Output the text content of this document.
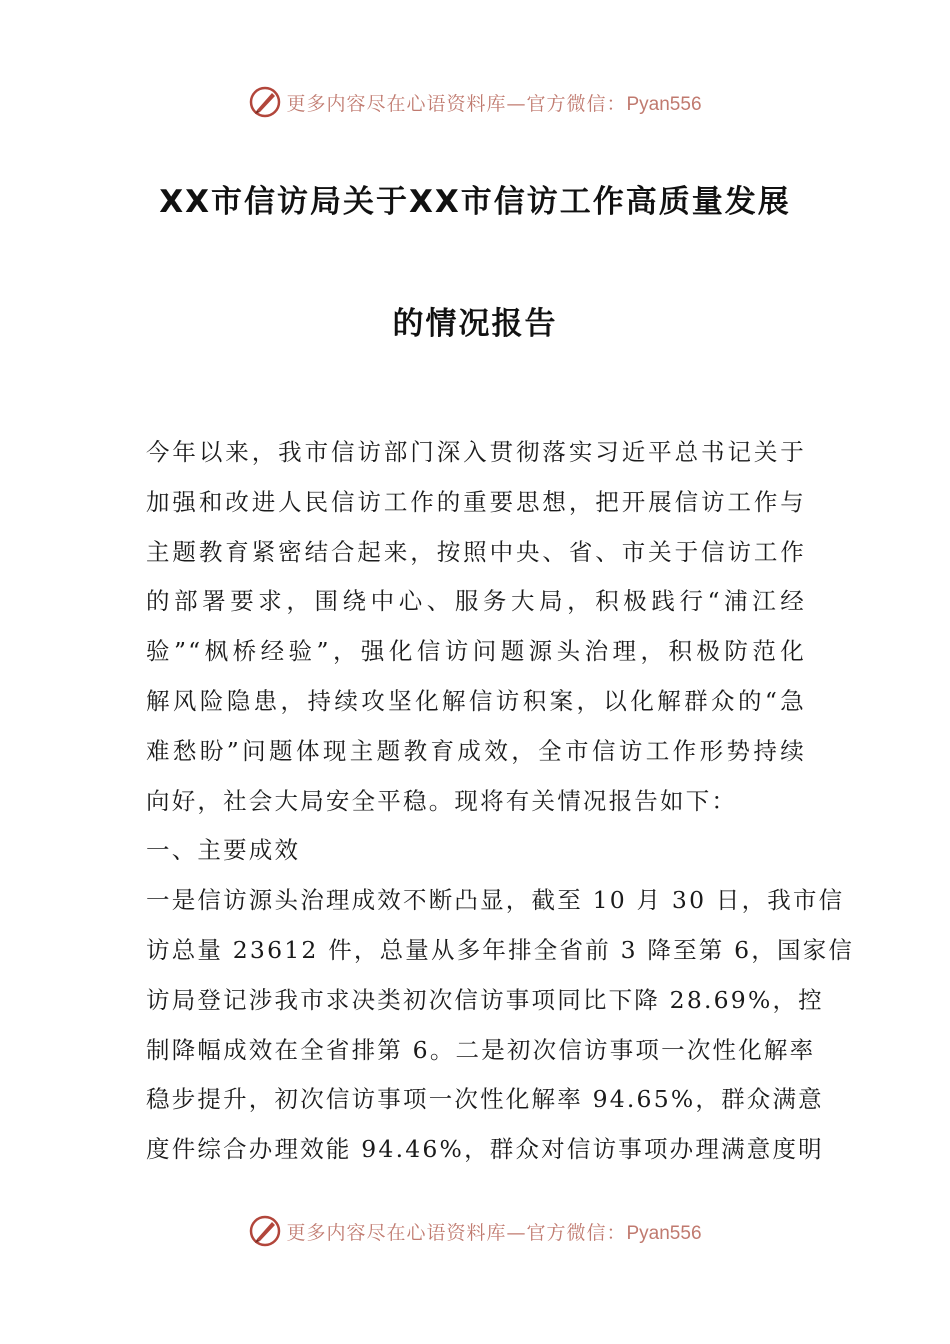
更多内容尽在心语资料库—官方微信：Pyan556
XX市信访局关于XX市信访工作高质量发展
的情况报告
今年以来，我市信访部门深入贯彻落实习近平总书记关于
加强和改进人民信访工作的重要思想，把开展信访工作与
主题教育紧密结合起来，按照中央、省、市关于信访工作
的部署要求，围绕中心、服务大局，积极践行“浦江经
验”“枫桥经验”，强化信访问题源头治理，积极防范化
解风险隐患，持续攻坚化解信访积案，以化解群众的“急
难愁盼”问题体现主题教育成效，全市信访工作形势持续
向好，社会大局安全平稳。现将有关情况报告如下：
一、主要成效
一是信访源头治理成效不断凸显，截至 10 月 30 日，我市信
访总量 23612 件，总量从多年排全省前 3 降至第 6，国家信
访局登记涉我市求决类初次信访事项同比下降 28.69%，控
制降幅成效在全省排第 6。二是初次信访事项一次性化解率
稳步提升，初次信访事项一次性化解率 94.65%，群众满意
度件综合办理效能 94.46%，群众对信访事项办理满意度明
更多内容尽在心语资料库—官方微信：Pyan556
